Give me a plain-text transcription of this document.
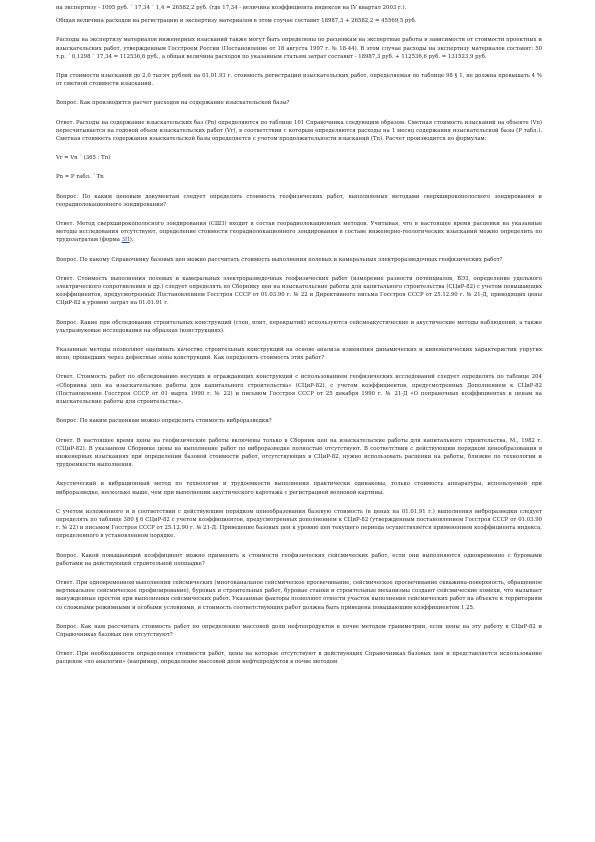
на экспертизу - 1095 руб. ´ 17,34 ´ 1,4 = 26582,2 руб. (где 17,34 - величина коэффициента индексов на IV квартал 2003 г.).

Общая величина расходов на регистрацию и экспертизу материалов в этом случае составит 18987,3 + 26582,2 = 45569,5 руб.

Расходы на экспертизу материалов инженерных изысканий также могут быть определены по расценкам на экспертные работы в зависимости от стоимости проектных и изыскательских работ, утвержденным Госстроем России (Постановление от 18 августа 1997 г. № 18-44). В этом случае расходы на экспертизу материалов составят: 50 т.р. ´ 0,1298 ´ 17,34 = 112536,6 руб., а общая величина расходов по указанным статьям затрат составит - 18987,3 руб. + 112536,6 руб. = 131523,9 руб.

При стоимости изысканий до 2,0 тысяч рублей на 01.01.91 г. стоимость регистрации изыскательских работ, определяемая по таблице 98 § 1, не должна превышать 4 % от сметной стоимости изысканий.

Вопрос. Как производится расчет расходов на содержание изыскательской базы?

Ответ. Расходы на содержание изыскательских баз (Рn) определяются по таблице 101 Справочника следующим образом. Сметная стоимость изысканий на объекте (Vn) пересчитывается на годовой объем изыскательских работ (Vr), в соответствии с которым определяются расходы на 1 месяц содержания изыскательской базы (Р табл.). Сметная стоимость содержания изыскательской базы определяется с учетом продолжительности изысканий (Тn). Расчет производится по формулам:

Vr = Vn ´ (365 : Tn)

Pn = P табл. ´ Tn

Вопрос. По каким ценовым документам следует определять стоимость геофизических работ, выполняемых методами сверхширокополосного зондирования и георадиолокационного зондирования?

Ответ. Метод сверхширокополосного зондирования (СШЗ) входит в состав георадиолокационных методов. Учитывая, что в настоящее время расценки на указанные методы исследования отсутствуют, определение стоимости георадиолокационного зондирования в составе инженерно-геологических изысканий можно определить по трудозатратам (форма 3П).

Вопрос. По какому Справочнику базовых цен можно рассчитать стоимость выполнения полевых и камеральных электроразведочных геофизических работ?

Ответ. Стоимость выполнения полевых и камеральных электроразведочных геофизических работ (измерение разности потенциалов, ВЭЗ, определение удельного электрического сопротивления и др.) следует определять по Сборнику цен на изыскательские работы для капитального строительства (СЦиР-82) с учетом повышающих коэффициентов, предусмотренных Постановлением Госстроя СССР от 01.03.90 г. № 22 и Директивного письма Госстроя СССР от 25.12.90 г. № 21-Д, приводящих цены СЦиР-82 к уровню затрат на 01.01.91 г.

Вопрос. Какие при обследовании строительных конструкций (стен, плит, перекрытий) используются сейсмоакустические и акустические методы наблюдений, а также ультразвуковые исследования на образцах (конструкциях).

Указанные методы позволяют оценивать качество строительных конструкций на основе анализа изменения динамических и кинематических характеристик упругих волн, прошедших через дефектные зоны конструкций. Как определить стоимость этих работ?

Ответ. Стоимость работ по обследованию несущих и ограждающих конструкций с использованием геофизических исследований следует определять по таблице 204 «Сборника цен на изыскательские работы для капитального строительства» (СЦиР-82), с учетом коэффициентов, предусмотренных Дополнением к СЦиР-82 (Постановление Госстроя СССР от 01 марта 1990 г. № 22) и письмом Госстроя СССР от 25 декабря 1990 г. № 21-Д «О попрaвочных коэффициентах к ценам на изыскательские работы для строительства».

Вопрос. По каким расценкам можно определить стоимость виброразведки?

Ответ. В настоящее время цены на геофизические работы включены только в Сборник цен на изыскательские работы для капитального строительства, М., 1982 г. (СЦиР-82). В указанном Сборнике цены на выполнение работ по виброразведке полностью отсутствуют. В соответствии с действующим порядком ценообразования в инженерных изысканиях при определении базовой стоимости работ, отсутствующих в СЦиР-82, нужно использовать расценки на работы, близкие по технологии и трудоемкости выполнения.

Акустический и вибрационный метод по технологии и трудоемкости выполнения практически одинаковы, только стоимость аппаратуры, используемой при виброразведке, несколько выше, чем при выполнении акустического каротажа с регистрацией волновой картины.

С учетом изложенного и в соответствии с действующим порядком ценообразования базовую стоимость (в ценах на 01.01.91 г.) выполнения виброразведки следует определять по таблице 380 § 6 СЦиР-82 с учетом коэффициентов, предусмотренных дополнением к СЦиР-82 (утвержденным постановлением Госстроя СССР от 01.03.90 г. № 22) и письмом Госстроя СССР от 25.12.90 г. № 21-Д. Приведение базовых цен к уровню цен текущего периода осуществляется применением коэффициента индекса, определенного в установленном порядке.

Вопрос. Какой повышающий коэффициент можно применить к стоимости геофизических сейсмических работ, если они выполняются одновременно с буровыми работами на действующей строительной площадке?

Ответ. При одновременном выполнении сейсмических (многоканальное сейсмическое просвечивание, сейсмическое просвечивание скважина-поверхность, обращенное вертикальное сейсмическое профилирование), буровых и строительных работ, буровые станки и строительные механизмы создают сейсмические помехи, что вызывает вынужденные простои при выполнении сейсмических работ. Указанные факторы позволяют отнести участок выполнения сейсмических работ на объекте к территориям со сложными режимными и особыми условиями, и стоимость соответствующих работ должна быть приведена повышающим коэффициентом 1,25.

Вопрос. Как нам рассчитать стоимость работ по определению массовой доли нефтепродуктов в почве методом гравиметрии, если цены на эту работу в СЦиР-82 и Справочниках базовых цен отсутствуют?

Ответ. При необходимости определения стоимости работ, цены на которые отсутствуют в действующих Справочниках базовых цен и представляется использование расценок «по аналогии» (например, определение массовой доли нефтепродуктов в почве методом
